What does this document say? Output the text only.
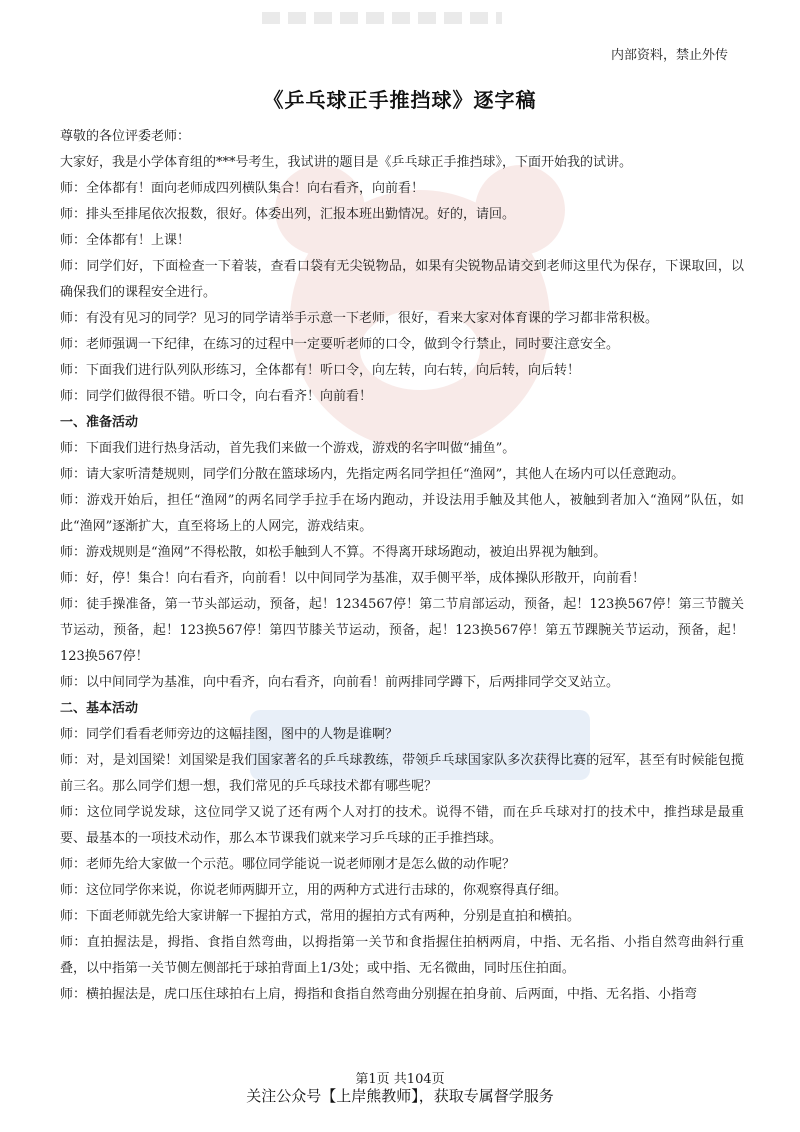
内部资料，禁止外传
《乒乓球正手推挡球》逐字稿

尊敬的各位评委老师：

大家好，我是小学体育组的***号考生，我试讲的题目是《乒乓球正手推挡球》，下面开始我的试讲。

师：全体都有！面向老师成四列横队集合！向右看齐，向前看！

师：排头至排尾依次报数，很好。体委出列，汇报本班出勤情况。好的，请回。

师：全体都有！上课！

师：同学们好，下面检查一下着装，查看口袋有无尖锐物品，如果有尖锐物品请交到老师这里代为保存，下课取回，以确保我们的课程安全进行。

师：有没有见习的同学？见习的同学请举手示意一下老师，很好，看来大家对体育课的学习都非常积极。

师：老师强调一下纪律，在练习的过程中一定要听老师的口令，做到令行禁止，同时要注意安全。

师：下面我们进行队列队形练习，全体都有！听口令，向左转，向右转，向后转，向后转！

师：同学们做得很不错。听口令，向右看齐！向前看！

一、准备活动

师：下面我们进行热身活动，首先我们来做一个游戏，游戏的名字叫做“捕鱼”。

师：请大家听清楚规则，同学们分散在篮球场内，先指定两名同学担任“渔网”，其他人在场内可以任意跑动。

师：游戏开始后，担任“渔网”的两名同学手拉手在场内跑动，并设法用手触及其他人，被触到者加入“渔网”队伍，如此“渔网”逐渐扩大，直至将场上的人网完，游戏结束。

师：游戏规则是“渔网”不得松散，如松手触到人不算。不得离开球场跑动，被迫出界视为触到。

师：好，停！集合！向右看齐，向前看！以中间同学为基准，双手侧平举，成体操队形散开，向前看！

师：徒手操准备，第一节头部运动，预备，起！1234567停！第二节肩部运动，预备，起！123换567停！第三节髋关节运动，预备，起！123换567停！第四节膝关节运动，预备，起！123换567停！第五节踝腕关节运动，预备，起！123换567停！

师：以中间同学为基准，向中看齐，向右看齐，向前看！前两排同学蹲下，后两排同学交叉站立。

二、基本活动

师：同学们看看老师旁边的这幅挂图，图中的人物是谁啊？

师：对，是刘国梁！刘国梁是我们国家著名的乒乓球教练，带领乒乓球国家队多次获得比赛的冠军，甚至有时候能包揽前三名。那么同学们想一想，我们常见的乒乓球技术都有哪些呢？

师：这位同学说发球，这位同学又说了还有两个人对打的技术。说得不错，而在乒乓球对打的技术中，推挡球是最重要、最基本的一项技术动作，那么本节课我们就来学习乒乓球的正手推挡球。

师：老师先给大家做一个示范。哪位同学能说一说老师刚才是怎么做的动作呢？

师：这位同学你来说，你说老师两脚开立，用的两种方式进行击球的，你观察得真仔细。

师：下面老师就先给大家讲解一下握拍方式，常用的握拍方式有两种，分别是直拍和横拍。

师：直拍握法是，拇指、食指自然弯曲，以拇指第一关节和食指握住拍柄两肩，中指、无名指、小指自然弯曲斜行重叠，以中指第一关节侧左侧部托于球拍背面上1/3处；或中指、无名微曲，同时压住拍面。

师：横拍握法是，虎口压住球拍右上肩，拇指和食指自然弯曲分别握在拍身前、后两面，中指、无名指、小指弯

第1页 共104页
关注公众号【上岸熊教师】，获取专属督学服务
